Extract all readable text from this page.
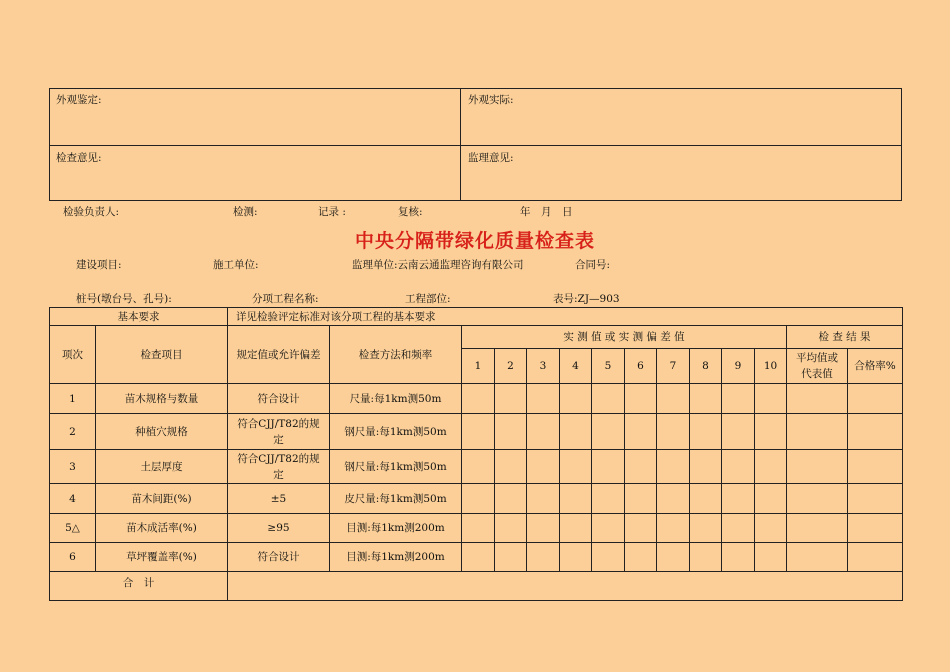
外观鉴定:	外观实际:
检查意见:	监理意见:
检验负责人:	检测:	记录 :	复核:	年　月　日
中央分隔带绿化质量检查表
建设项目:	施工单位:	监理单位:云南云通监理咨询有限公司	合同号:
桩号(墩台号、孔号):	分项工程名称:	工程部位:	表号:ZJ—903
基本要求		详见检验评定标准对该分项工程的基本要求													
项次	检查项目	规定值或允许偏差	检查方法和频率	实 测 值 或 实 测 偏 差 值										检 查 结 果	
				1	2	3	4	5	6	7	8	9	10	平均值或代表值	合格率%
1	苗木规格与数量	符合设计	尺量:每1km测50m												
2	种植穴规格	符合CJJ/T82的规定	钢尺量:每1km测50m												
3	土层厚度	符合CJJ/T82的规定	钢尺量:每1km测50m												
4	苗木间距(%)	±5	皮尺量:每1km测50m												
5△	苗木成活率(%)	≥95	目测:每1km测200m												
6	草坪覆盖率(%)	符合设计	目测:每1km测200m												
合　计															
